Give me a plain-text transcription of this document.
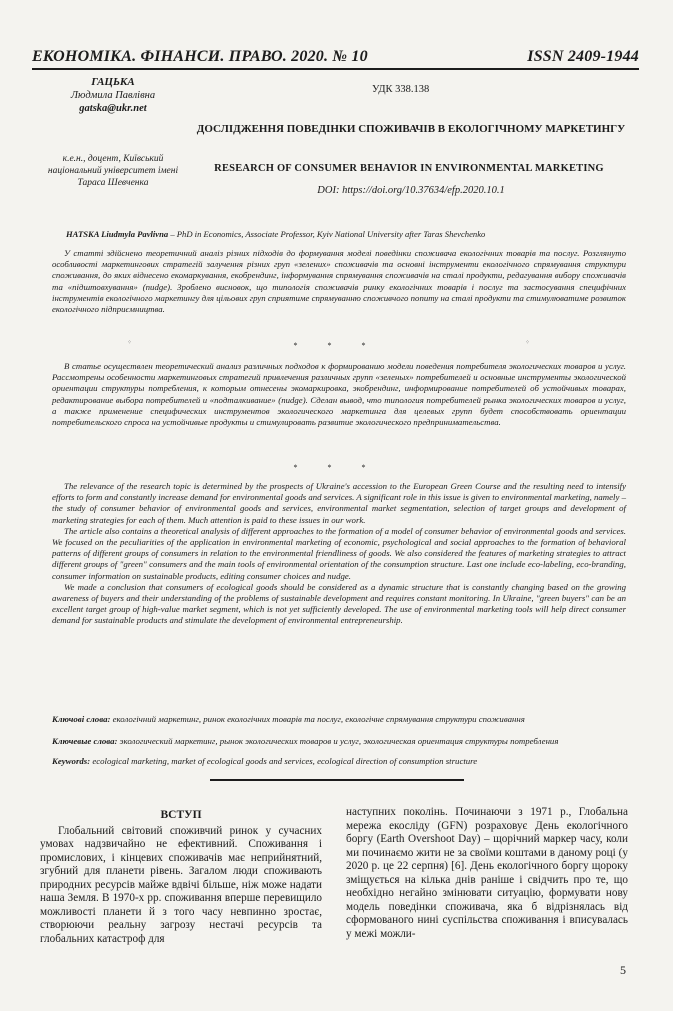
ЕКОНОМІКА. ФІНАНСИ. ПРАВО. 2020. № 10	ISSN 2409-1944
ГАЦЬКА
Людмила Павлівна
gatska@ukr.net
к.е.н., доцент, Київський національний університет імені Тараса Шевченка
УДК 338.138
ДОСЛІДЖЕННЯ ПОВЕДІНКИ СПОЖИВАЧІВ В ЕКОЛОГІЧНОМУ МАРКЕТИНГУ
RESEARCH OF CONSUMER BEHAVIOR IN ENVIRONMENTAL MARKETING
DOI: https://doi.org/10.37634/efp.2020.10.1
HATSKA Liudmyla Pavlivna – PhD in Economics, Associate Professor, Kyiv National University after Taras Shevchenko

У статті здійснено теоретичний аналіз різних підходів до формування моделі поведінки споживача екологічних товарів та послуг. Розглянуто особливості маркетингових стратегій залучення різних груп «зелених» споживачів та основні інструменти екологічного спрямування структури споживання, до яких віднесено екомаркування, екобрендинг, інформування спрямування споживачів на сталі продукти, редагування вибору споживачів та «підштовхування» (nudge). Зроблено висновок, що типологія споживачів ринку екологічних товарів і послуг та застосування специфічних інструментів екологічного маркетингу для цільових груп сприятиме спрямуванню споживчого попиту на сталі продукти та стимулюватиме розвиток екологічного підприємництва.

* * *
⁘	⁘

В статье осуществлен теоретический анализ различных подходов к формированию модели поведения потребителя экологических товаров и услуг. Рассмотрены особенности маркетинговых стратегий привлечения различных групп «зеленых» потребителей и основные инструменты экологической ориентации структуры потребления, к которым отнесены экомаркировка, экобрендинг, информирование потребителей об устойчивых товарах, редактирование выбора потребителей и «подталкивание» (nudge). Сделан вывод, что типология потребителей рынка экологических товаров и услуг, а также применение специфических инструментов экологического маркетинга для целевых групп будет способствовать ориентации потребительского спроса на устойчивые продукты и стимулировать развитие экологического предпринимательства.

* * *

The relevance of the research topic is determined by the prospects of Ukraine's accession to the European Green Course and the resulting need to intensify efforts to form and constantly increase demand for environmental goods and services. A significant role in this issue is given to environmental marketing, namely – the study of consumer behavior of environmental goods and services, environmental market segmentation, selection of target groups and development of marketing strategies for each of them. Much attention is paid to these issues in our work.

The article also contains a theoretical analysis of different approaches to the formation of a model of consumer behavior of environmental goods and services. We focused on the peculiarities of the application in environmental marketing of economic, psychological and social approaches to the formation of behavioral patterns of different groups of consumers in relation to the environmental friendliness of goods. We also considered the features of marketing strategies to attract different groups of "green" consumers and the main tools of environmental orientation of the consumption structure. Last one include eco-labeling, eco-branding, consumer information on sustainable products, editing consumer choices and nudge.

We made a conclusion that consumers of ecological goods should be considered as a dynamic structure that is constantly changing based on the growing awareness of buyers and their understanding of the problems of sustainable development and requires constant monitoring. In Ukraine, "green buyers" can be an excellent target group of high-value market segment, which is not yet sufficiently developed. The use of environmental marketing tools will help direct consumer demand for sustainable products and stimulate the development of environmental entrepreneurship.

Ключові слова: екологічний маркетинг, ринок екологічних товарів та послуг, екологічне спрямування структури споживання
Ключевые слова: экологический маркетинг, рынок экологических товаров и услуг, экологическая ориентация структуры потребления
Keywords: ecological marketing, market of ecological goods and services, ecological direction of consumption structure
ВСТУП

Глобальний світовий споживчий ринок у сучасних умовах надзвичайно не ефективний. Споживання і промислових, і кінцевих споживачів має неприйнятний, згубний для планети рівень. Загалом люди споживають природних ресурсів майже вдвічі більше, ніж може надати наша Земля. В 1970-х рр. споживання вперше перевищило можливості планети й з того часу невпинно зростає, створюючи реальну загрозу нестачі ресурсів та глобальних катастроф для

наступних поколінь. Починаючи з 1971 р., Глобальна мережа екосліду (GFN) розраховує День екологічного боргу (Earth Overshoot Day) – щорічний маркер часу, коли ми починаємо жити не за своїми коштами в даному році (у 2020 р. це 22 серпня) [6]. День екологічного боргу щороку зміщується на кілька днів раніше і свідчить про те, що необхідно негайно змінювати ситуацію, формувати нову модель поведінки споживача, яка б відрізнялась від сформованого нині суспільства споживання і вписувалась у межі можли-

5
